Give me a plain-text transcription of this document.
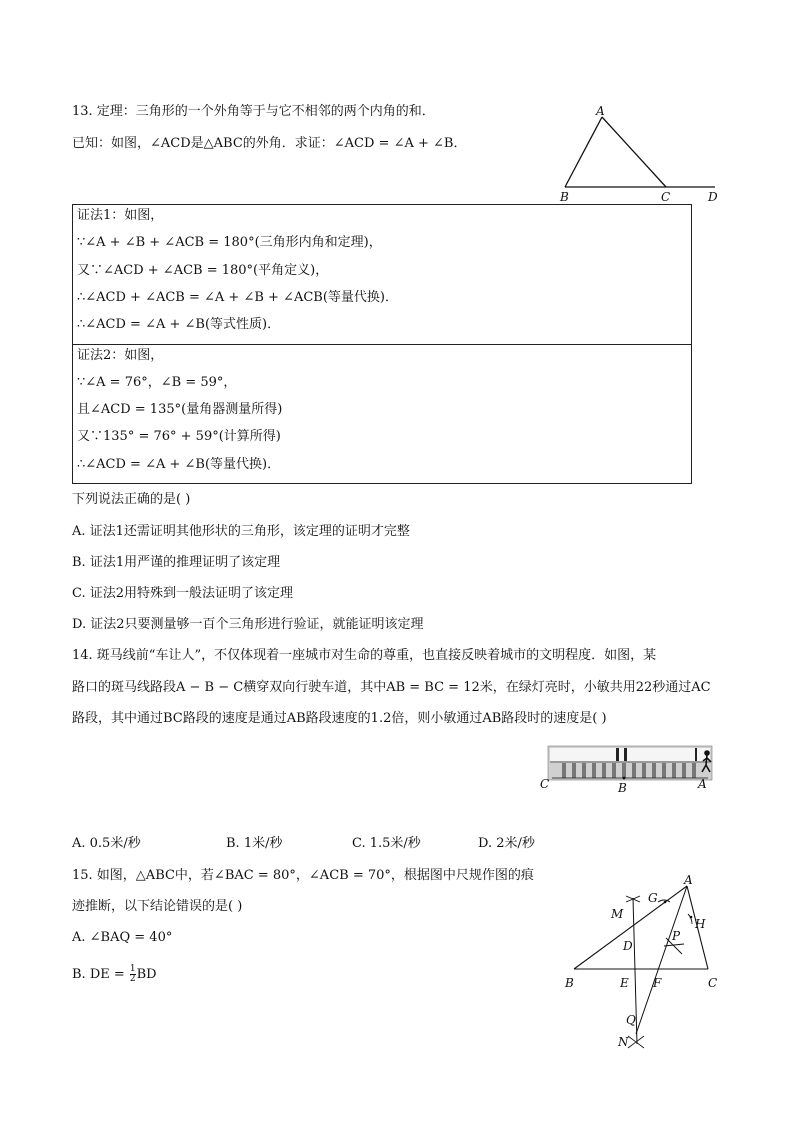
13. 定理：三角形的一个外角等于与它不相邻的两个内角的和．
已知：如图，∠ACD是△ABC的外角．求证：∠ACD = ∠A + ∠B．
A
B	C	D
证法1：如图，
∵∠A + ∠B + ∠ACB = 180°(三角形内角和定理)，
又∵∠ACD + ∠ACB = 180°(平角定义)，
∴∠ACD + ∠ACB = ∠A + ∠B + ∠ACB(等量代换)．
∴∠ACD = ∠A + ∠B(等式性质)．
证法2：如图，
∵∠A = 76°，∠B = 59°，
且∠ACD = 135°(量角器测量所得)
又∵135° = 76° + 59°(计算所得)
∴∠ACD = ∠A + ∠B(等量代换)．
下列说法正确的是( )
A. 证法1还需证明其他形状的三角形，该定理的证明才完整
B. 证法1用严谨的推理证明了该定理
C. 证法2用特殊到一般法证明了该定理
D. 证法2只要测量够一百个三角形进行验证，就能证明该定理
14. 斑马线前“车让人”，不仅体现着一座城市对生命的尊重，也直接反映着城市的文明程度．如图，某
路口的斑马线路段A − B − C横穿双向行驶车道，其中AB = BC = 12米，在绿灯亮时，小敏共用22秒通过AC
路段，其中通过BC路段的速度是通过AB路段速度的1.2倍，则小敏通过AB路段时的速度是( )
C	B	A
A. 0.5米/秒	B. 1米/秒	C. 1.5米/秒	D. 2米/秒
15. 如图，△ABC中，若∠BAC = 80°，∠ACB = 70°，根据图中尺规作图的痕
迹推断，以下结论错误的是( )
A. ∠BAQ = 40°
B. DE = $\frac{1}{2}$ BD
A
G
M
H
P
D
B	E F	C
Q
N
